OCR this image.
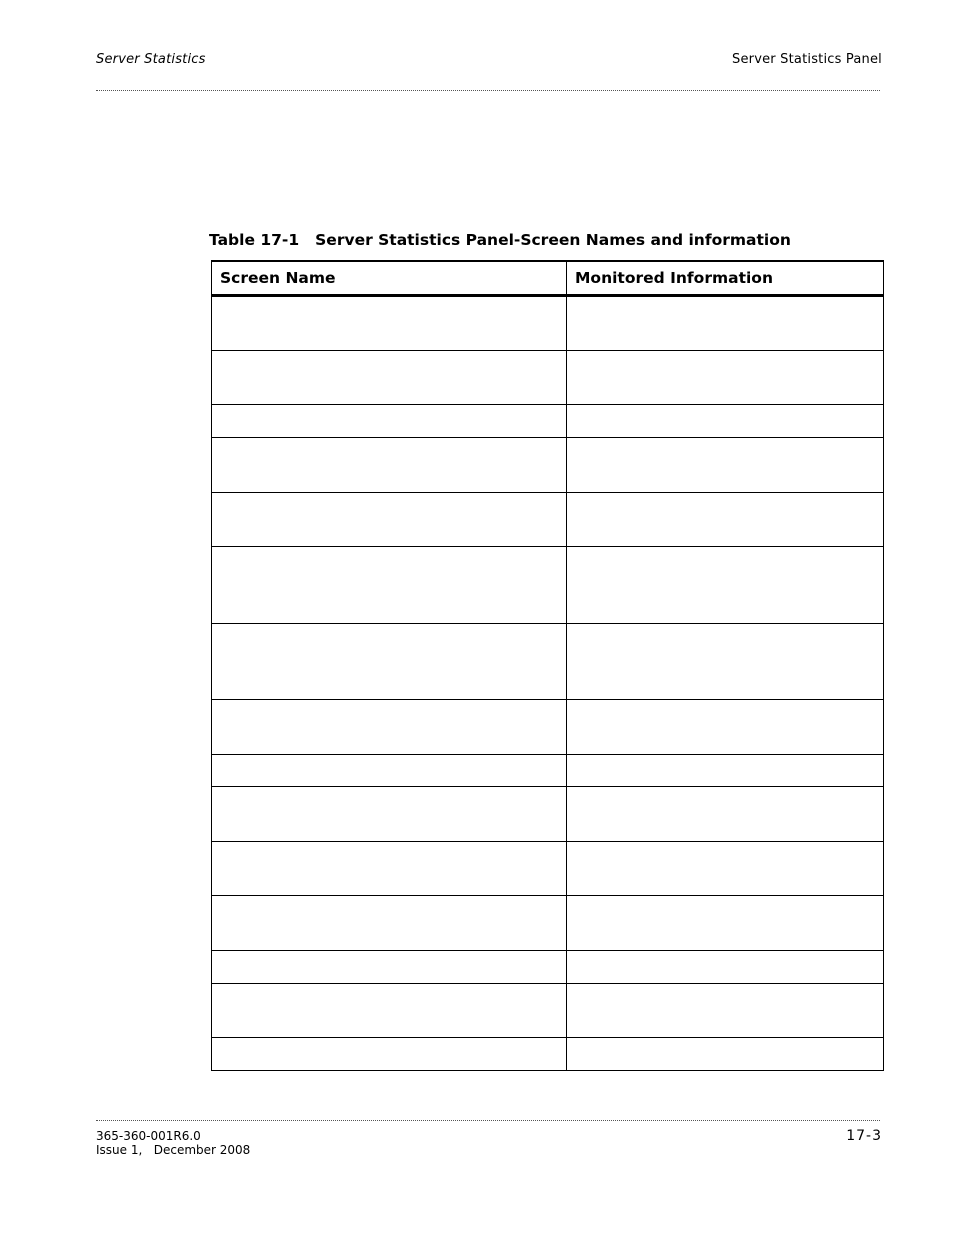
Server Statistics	Server Statistics Panel
Table 17-1 Server Statistics Panel-Screen Names and information
Screen Name	Monitored Information

365-360-001R6.0
Issue 1,   December 2008
17-3
